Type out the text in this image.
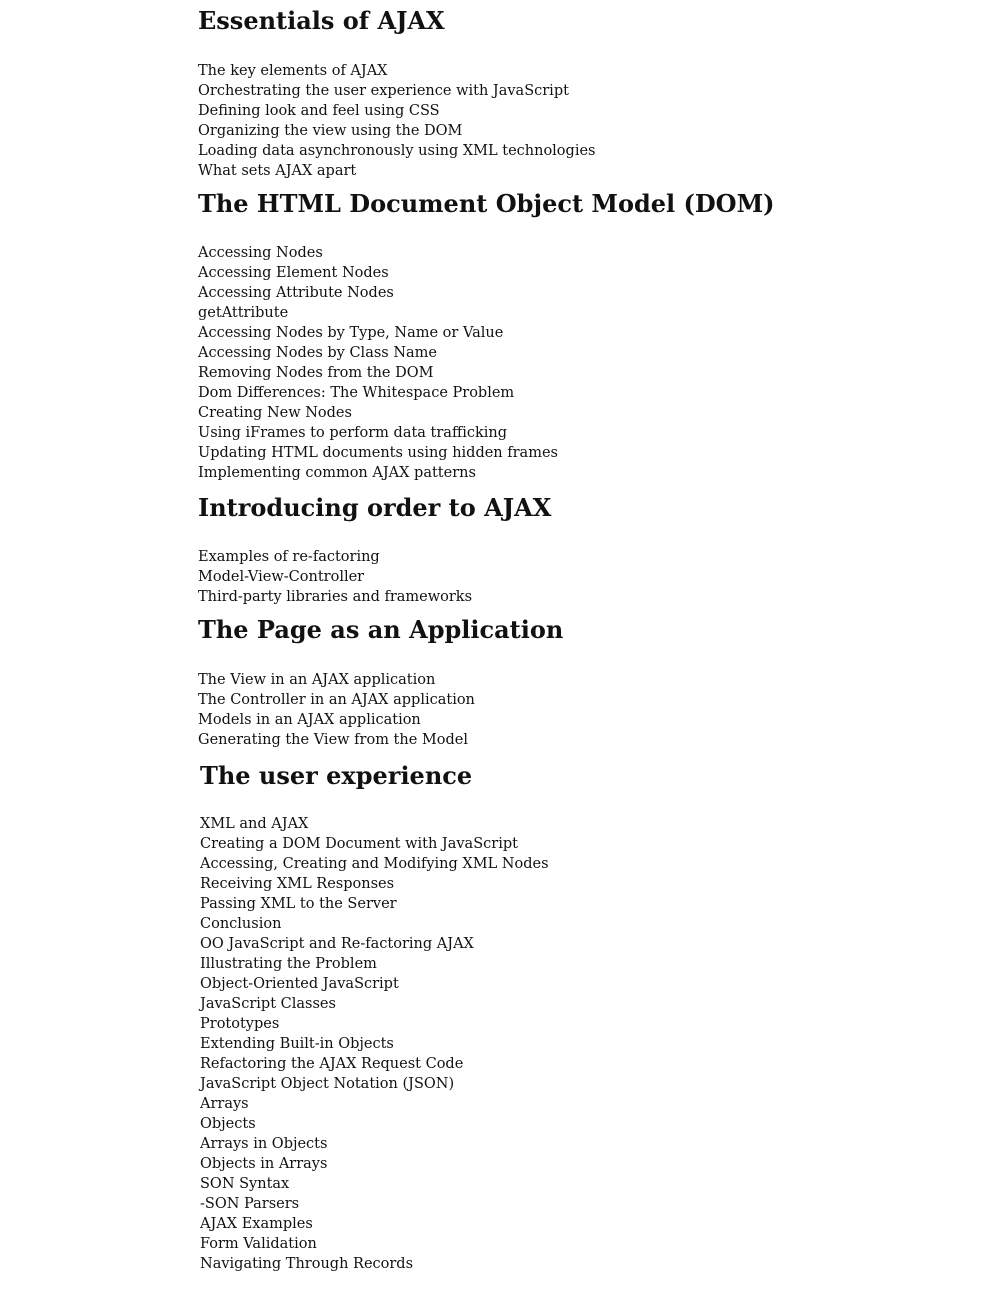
Essentials of AJAX
The key elements of AJAX
Orchestrating the user experience with JavaScript
Defining look and feel using CSS
Organizing the view using the DOM
Loading data asynchronously using XML technologies
What sets AJAX apart
The HTML Document Object Model (DOM)
Accessing Nodes
Accessing Element Nodes
Accessing Attribute Nodes
getAttribute
Accessing Nodes by Type, Name or Value
Accessing Nodes by Class Name
Removing Nodes from the DOM
Dom Differences: The Whitespace Problem
Creating New Nodes
Using iFrames to perform data trafficking
Updating HTML documents using hidden frames
Implementing common AJAX patterns
Introducing order to AJAX
Examples of re-factoring
Model-View-Controller
Third-party libraries and frameworks
The Page as an Application
The View in an AJAX application
The Controller in an AJAX application
Models in an AJAX application
Generating the View from the Model
The user experience
XML and AJAX
Creating a DOM Document with JavaScript
Accessing, Creating and Modifying XML Nodes
Receiving XML Responses
Passing XML to the Server
Conclusion
OO JavaScript and Re-factoring AJAX
Illustrating the Problem
Object-Oriented JavaScript
JavaScript Classes
Prototypes
Extending Built-in Objects
Refactoring the AJAX Request Code
JavaScript Object Notation (JSON)
Arrays
Objects
Arrays in Objects
Objects in Arrays
SON Syntax
-SON Parsers
AJAX Examples
Form Validation
Navigating Through Records
